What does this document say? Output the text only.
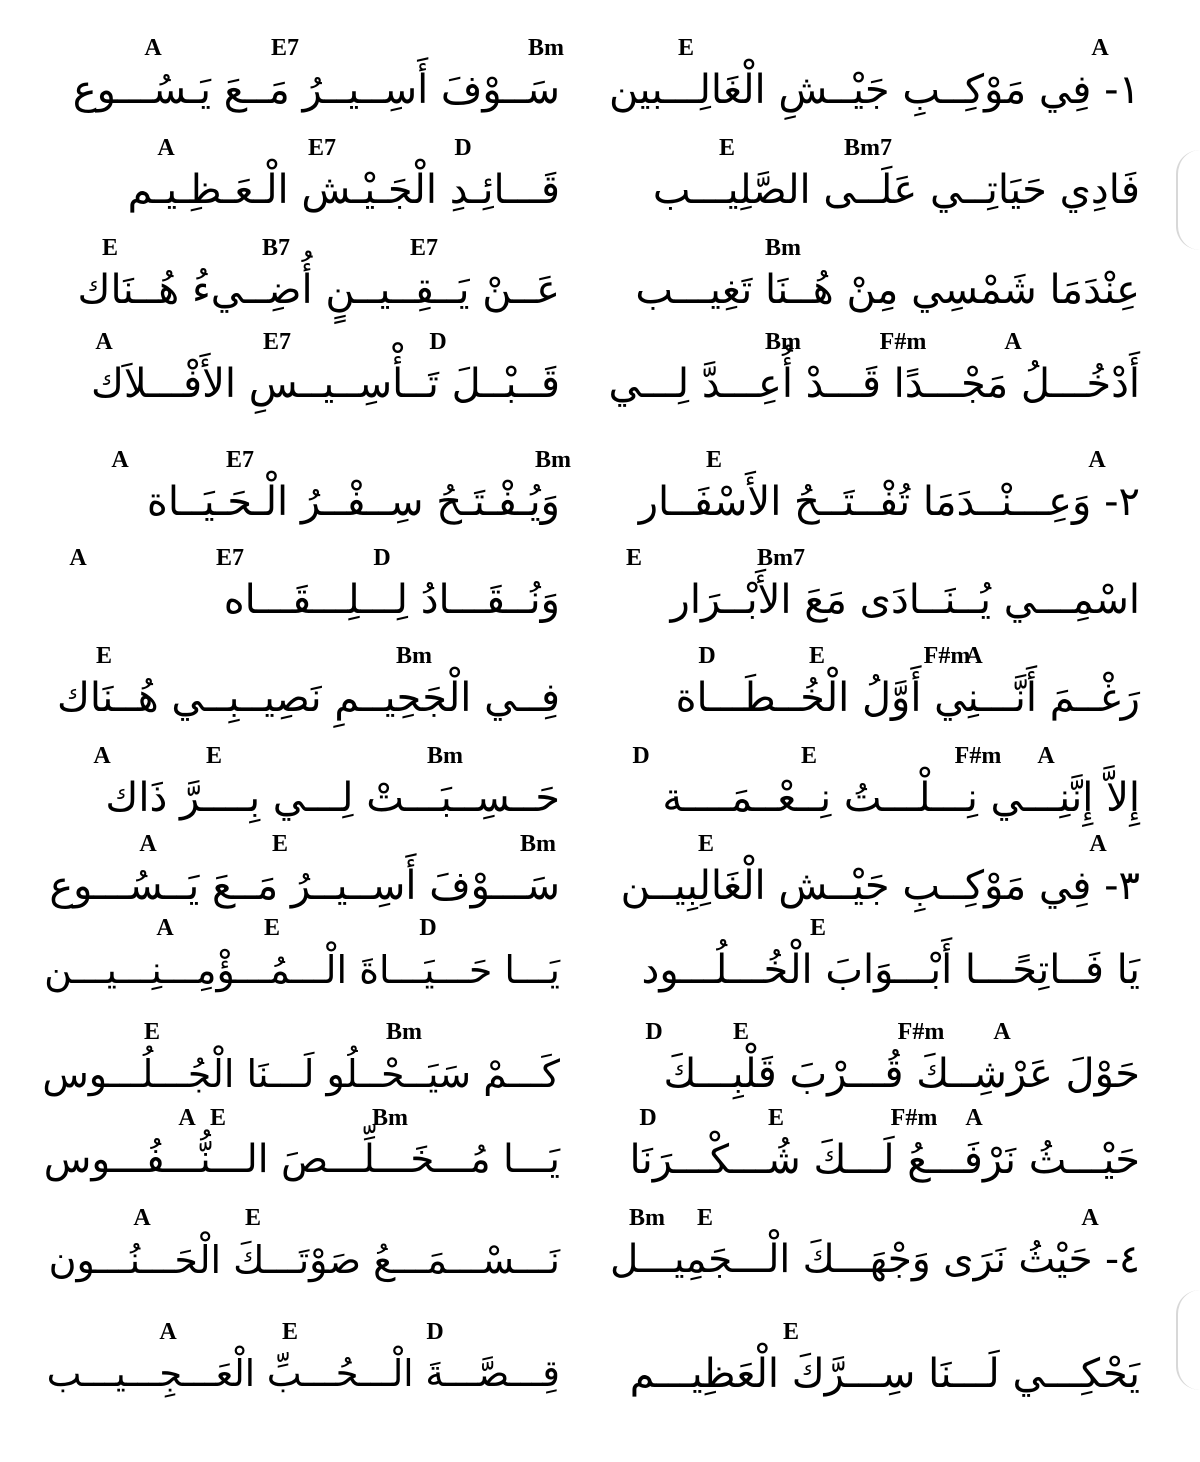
A
E
١- فِي مَوْكِــبِ جَيْــشِ الْغَالِـــبين
Bm
E7
A
سَــوْفَ أَسِــيــرُ مَــعَ يَـسُـــوع
Bm7
E
فَادِي حَيَاتِــي عَلَــى الصَّلِيـــب
D
E7
A
قَـــائِـدِ الْجَـيْـش الْـعَـظِـيـم
Bm
عِنْدَمَا شَمْسِي مِنْ هُــنَا تَغِيـــب
E7
B7
E
عَــنْ يَــقِــيــنٍ أُضِــيءُ هُــنَاك
A
F#m
Bm
أَدْخُـــلُ مَجْـــدًا قَـــدْ أُعِـــدَّ لِـــي
D
E7
A
قَــبْــلَ تَــأْسِــيــسِ الأَفْـــلاَك
A
E
٢- وَعِـــنْــدَمَا تُفْــتَــحُ الأَسْفَــار
Bm
E7
A
وَيُـفْـتَـحُ سِــفْــرُ الْـحَـيَــاة
Bm7
E
اسْمِـــي يُــنَــادَى مَعَ الأَبْــرَار
D
E7
A
وَنُــقَـــادُ لِـــلِـــقَـــاه
F#m
A
E
D
رَغْــمَ أَنَّـــنِي أَوَّلُ الْخُــطَـــاة
Bm
E
فِــي الْجَحِيــمِ نَصِيــبِــي هُــنَاك
F#m A
E
D
إِلاَّ إِنَّنِـــي نِـــلْـــتُ نِــعْــمَــــة
Bm
E
A
حَــسِــبَـــتْ لِـــي بِــــرَّ ذَاك
A
E
٣- فِي مَوْكِــبِ جَيْــش الْغَالِبِيــن
Bm
E
A
سَـــوْفَ أَسِــيــرُ مَــعَ يَــسُـــوع
E
يَا فَــاتِحًـــا أَبْـــوَابَ الْخُـــلُـــود
D
E
A
يَـــا حَـــيَـــاةَ الْـــمُـــؤْمِـــنِـــيـــن
F#m A
E
D
حَوْلَ عَرْشِــكَ قُـــرْبَ قَلْبِـــكَ
Bm
E
كَـــمْ سَيَــحْــلُو لَـــنَا الْجُـــلُـــوس
F#m A
E
D
حَيْـــثُ نَرْفَـــعُ لَـــكَ شُـــكْـــرَنَا
Bm
E
A
يَـــا مُـــخَـــلِّـــصَ الـــنُّـــفُـــوس
A
E
Bm
٤- حَيْثُ نَرَى وَجْهَـــكَ الْـــجَمِيـــل
E
A
نَـــسْـــمَـــعُ صَوْتَـــكَ الْحَـــنُـــون
E
يَحْكِـــي لَـــنَا سِـــرَّكَ الْعَظِيـــم
D
E
A
قِـــصَّـــةَ الْـــحُـــبِّ الْعَـــجِـــيـــب
